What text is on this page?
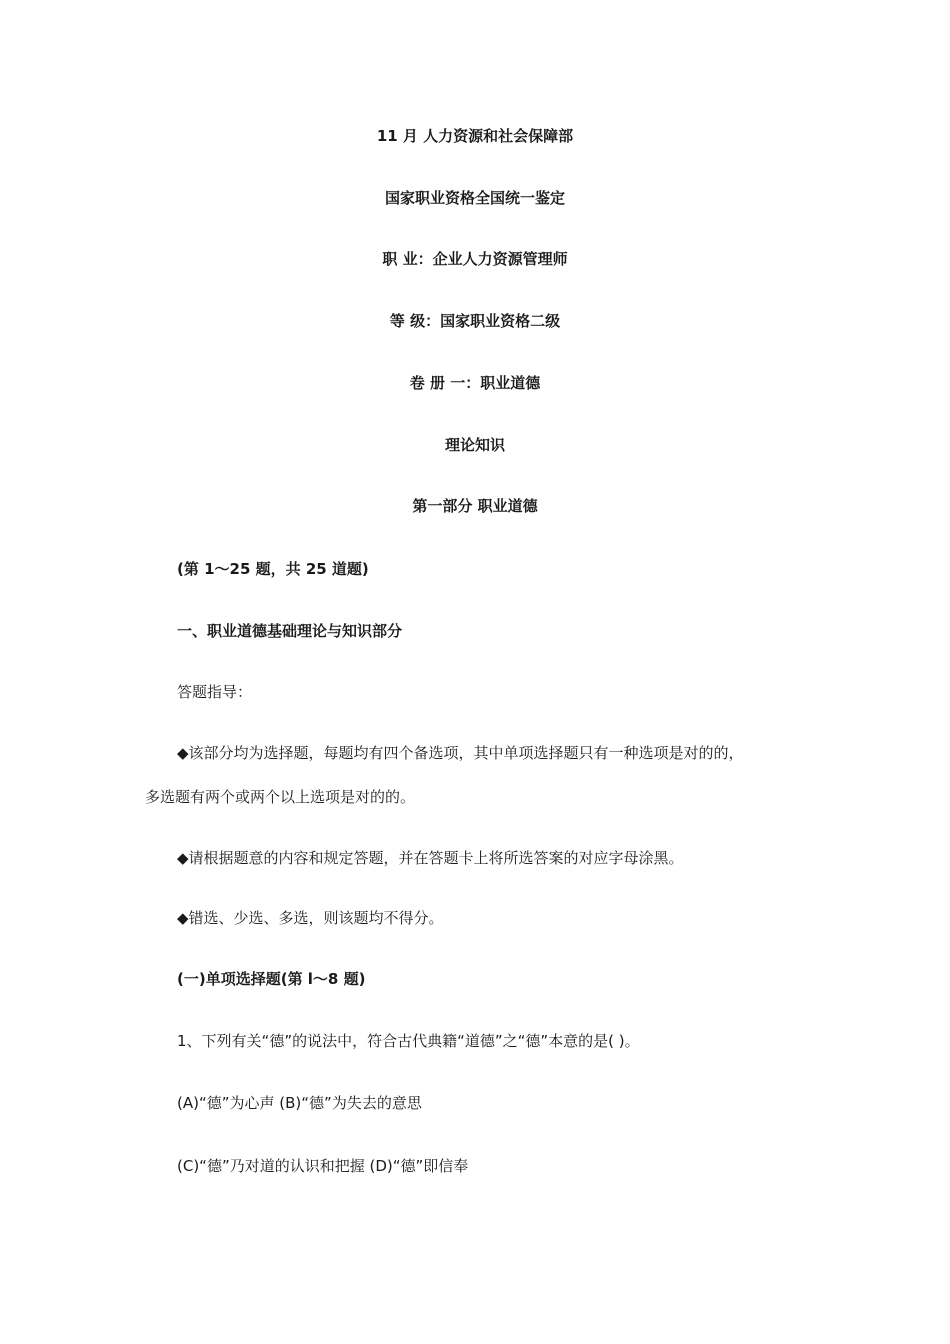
11 月 人力资源和社会保障部
国家职业资格全国统一鉴定
职 业：企业人力资源管理师
等 级：国家职业资格二级
卷 册 一：职业道德
理论知识
第一部分 职业道德
(第 1～25 题，共 25 道题)
一、职业道德基础理论与知识部分
答题指导：
◆该部分均为选择题，每题均有四个备选项，其中单项选择题只有一种选项是对的的，
多选题有两个或两个以上选项是对的的。
◆请根据题意的内容和规定答题，并在答题卡上将所选答案的对应字母涂黑。
◆错选、少选、多选，则该题均不得分。
(一)单项选择题(第 l～8 题)
1、下列有关“德”的说法中，符合古代典籍“道德”之“德”本意的是( )。
(A)“德”为心声 (B)“德”为失去的意思
(C)“德”乃对道的认识和把握 (D)“德”即信奉
